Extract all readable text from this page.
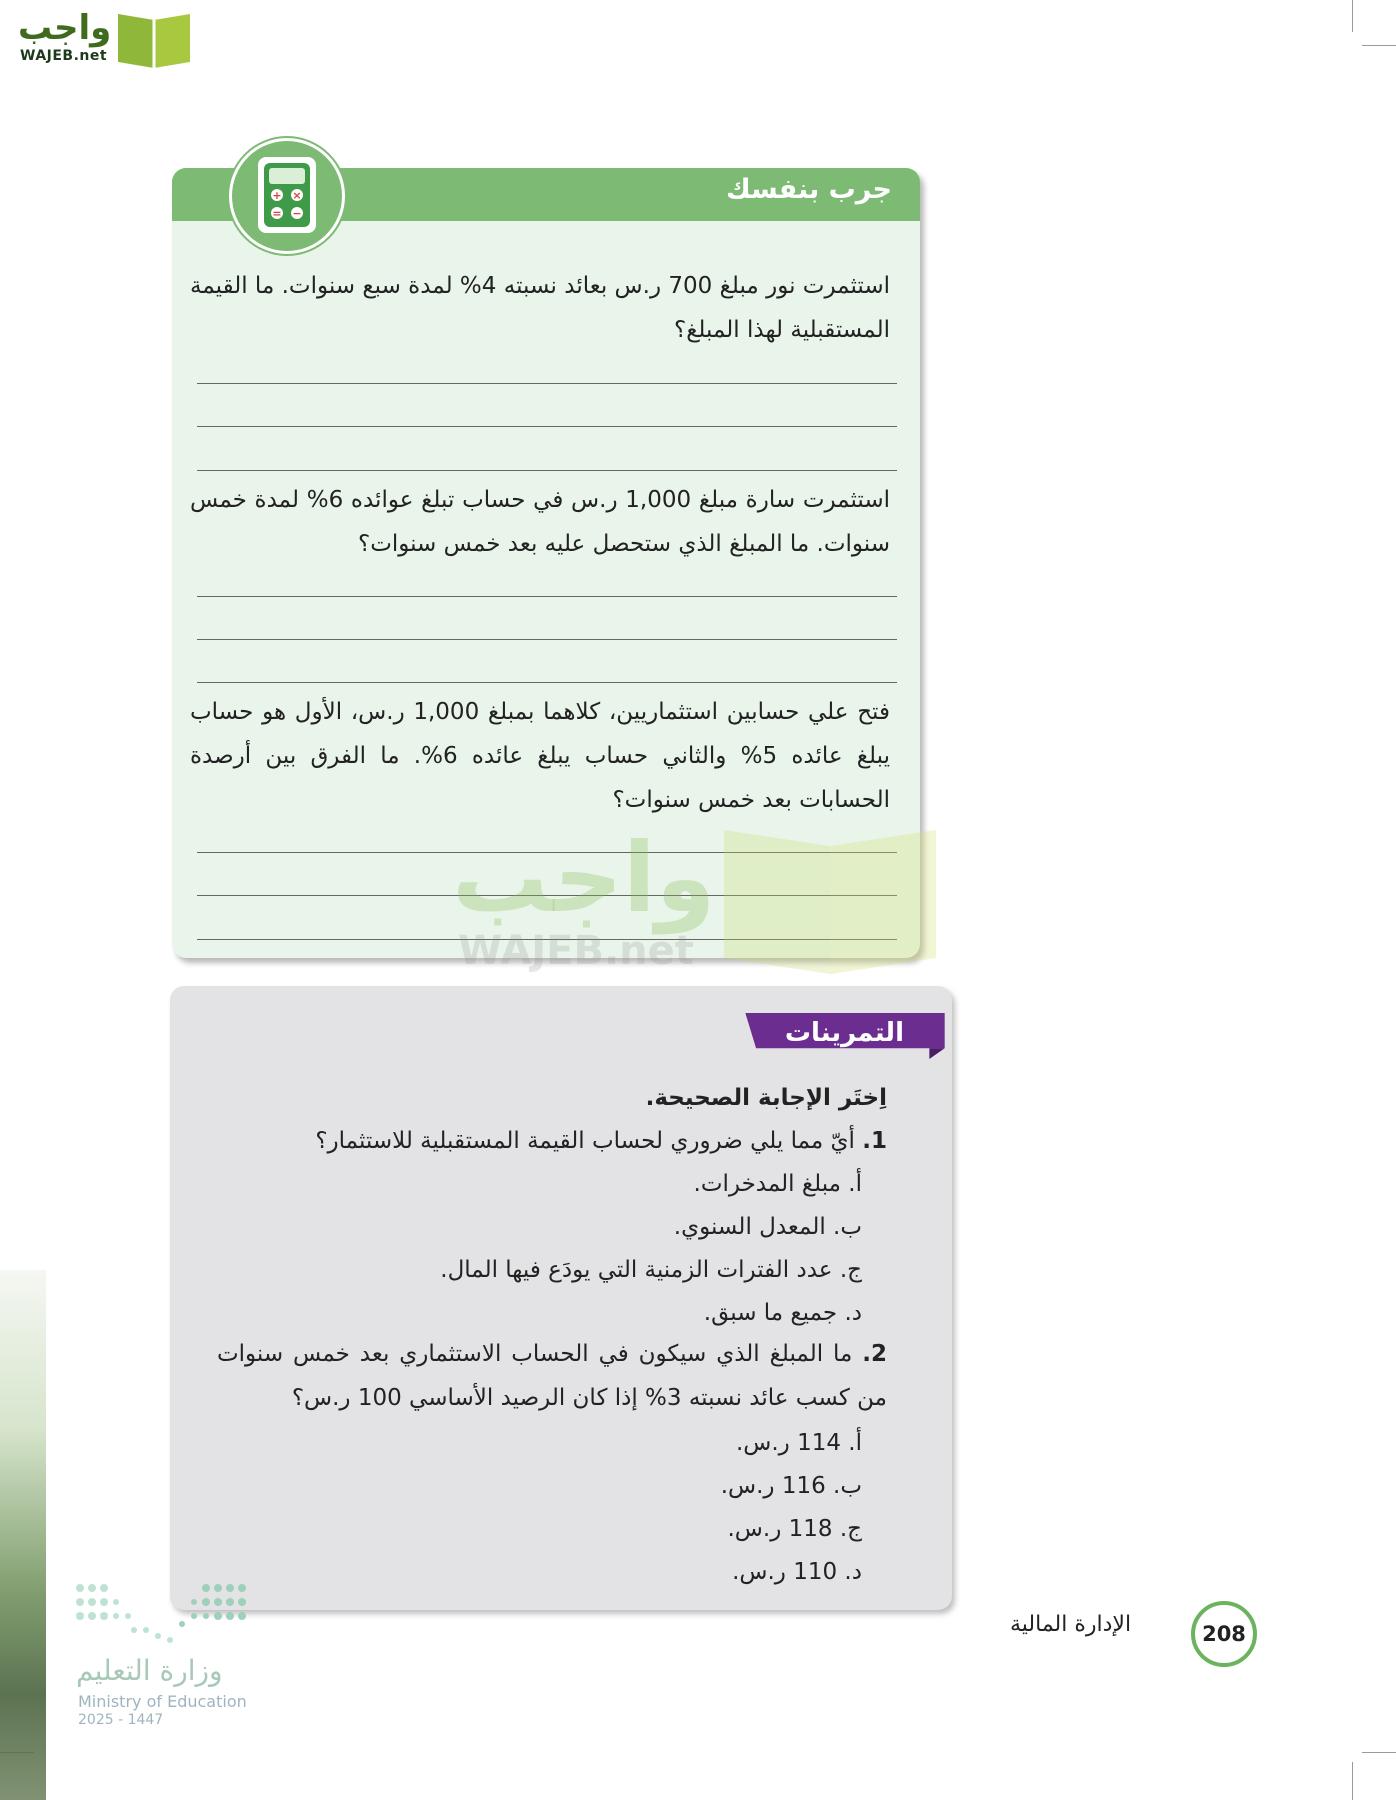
واجب
WAJEB.net
جرب بنفسك
استثمرت نور مبلغ 700 ر.س بعائد نسبته 4% لمدة سبع سنوات. ما القيمة المستقبلية لهذا المبلغ؟
استثمرت سارة مبلغ 1,000 ر.س في حساب تبلغ عوائده 6% لمدة خمس سنوات. ما المبلغ الذي ستحصل عليه بعد خمس سنوات؟
فتح علي حسابين استثماريين، كلاهما بمبلغ 1,000 ر.س، الأول هو حساب يبلغ عائده 5% والثاني حساب يبلغ عائده 6%. ما الفرق بين أرصدة الحسابات بعد خمس سنوات؟
+ ×
= −
واجب
WAJEB.net
التمرينات
اِختَر الإجابة الصحيحة.
1. أيّ مما يلي ضروري لحساب القيمة المستقبلية للاستثمار؟
أ. مبلغ المدخرات.
ب. المعدل السنوي.
ج. عدد الفترات الزمنية التي يودَع فيها المال.
د. جميع ما سبق.
2. ما المبلغ الذي سيكون في الحساب الاستثماري بعد خمس سنوات من كسب عائد نسبته 3% إذا كان الرصيد الأساسي 100 ر.س؟
أ. 114 ر.س.
ب. 116 ر.س.
ج. 118 ر.س.
د. 110 ر.س.
208
الإدارة المالية
وزارة التعليم
Ministry of Education
2025 - 1447
